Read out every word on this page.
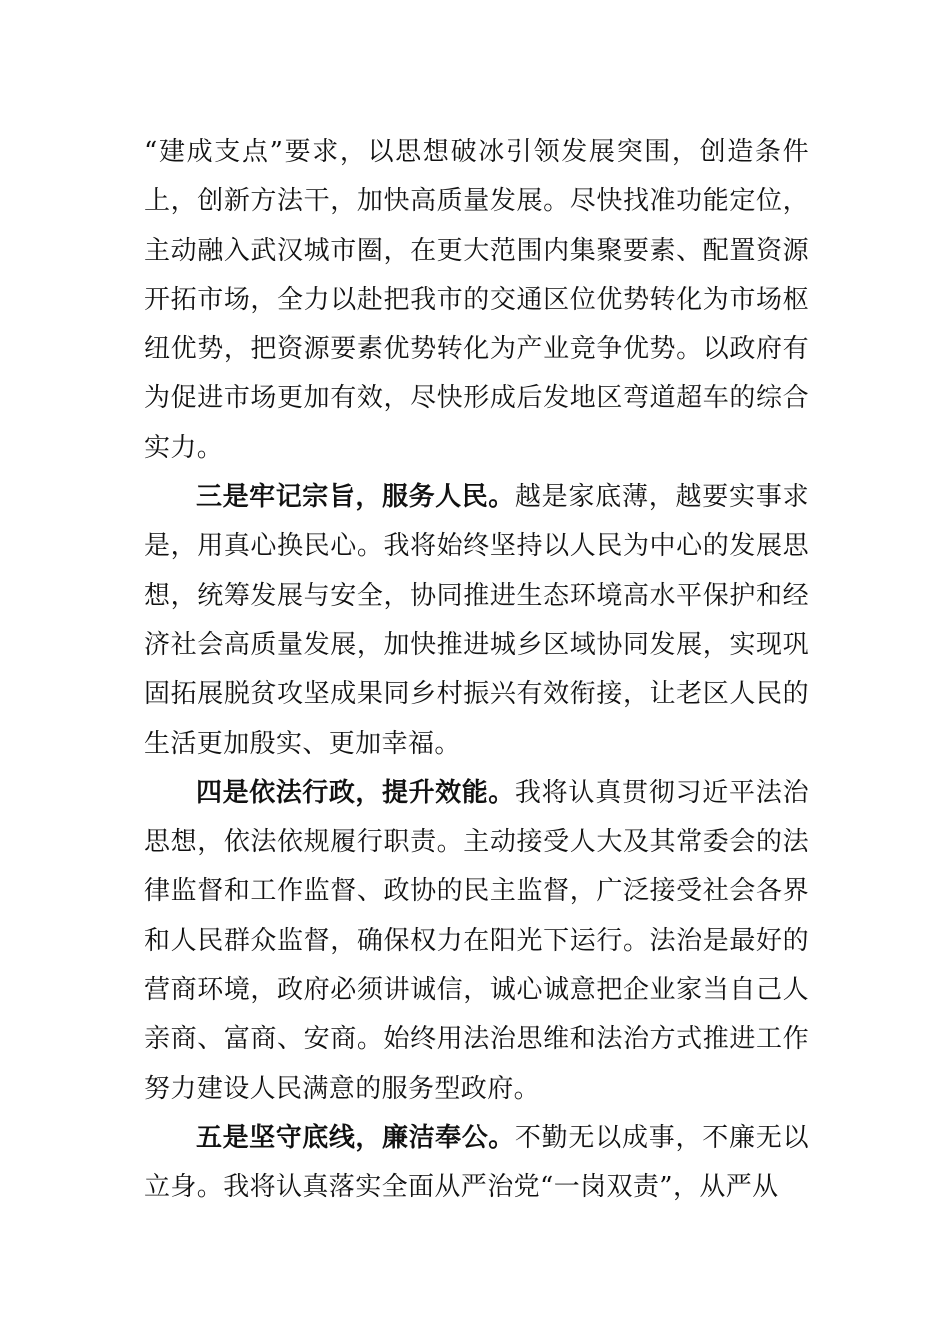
“建成支点”要求，以思想破冰引领发展突围，创造条件上，创新方法干，加快高质量发展。尽快找准功能定位，主动融入武汉城市圈，在更大范围内集聚要素、配置资源开拓市场，全力以赴把我市的交通区位优势转化为市场枢纽优势，把资源要素优势转化为产业竞争优势。以政府有为促进市场更加有效，尽快形成后发地区弯道超车的综合实力。

三是牢记宗旨，服务人民。越是家底薄，越要实事求是，用真心换民心。我将始终坚持以人民为中心的发展思想，统筹发展与安全，协同推进生态环境高水平保护和经济社会高质量发展，加快推进城乡区域协同发展，实现巩固拓展脱贫攻坚成果同乡村振兴有效衔接，让老区人民的生活更加殷实、更加幸福。

四是依法行政，提升效能。我将认真贯彻习近平法治思想，依法依规履行职责。主动接受人大及其常委会的法律监督和工作监督、政协的民主监督，广泛接受社会各界和人民群众监督，确保权力在阳光下运行。法治是最好的营商环境，政府必须讲诚信，诚心诚意把企业家当自己人亲商、富商、安商。始终用法治思维和法治方式推进工作努力建设人民满意的服务型政府。

五是坚守底线，廉洁奉公。不勤无以成事，不廉无以立身。我将认真落实全面从严治党“一岗双责”，从严从
